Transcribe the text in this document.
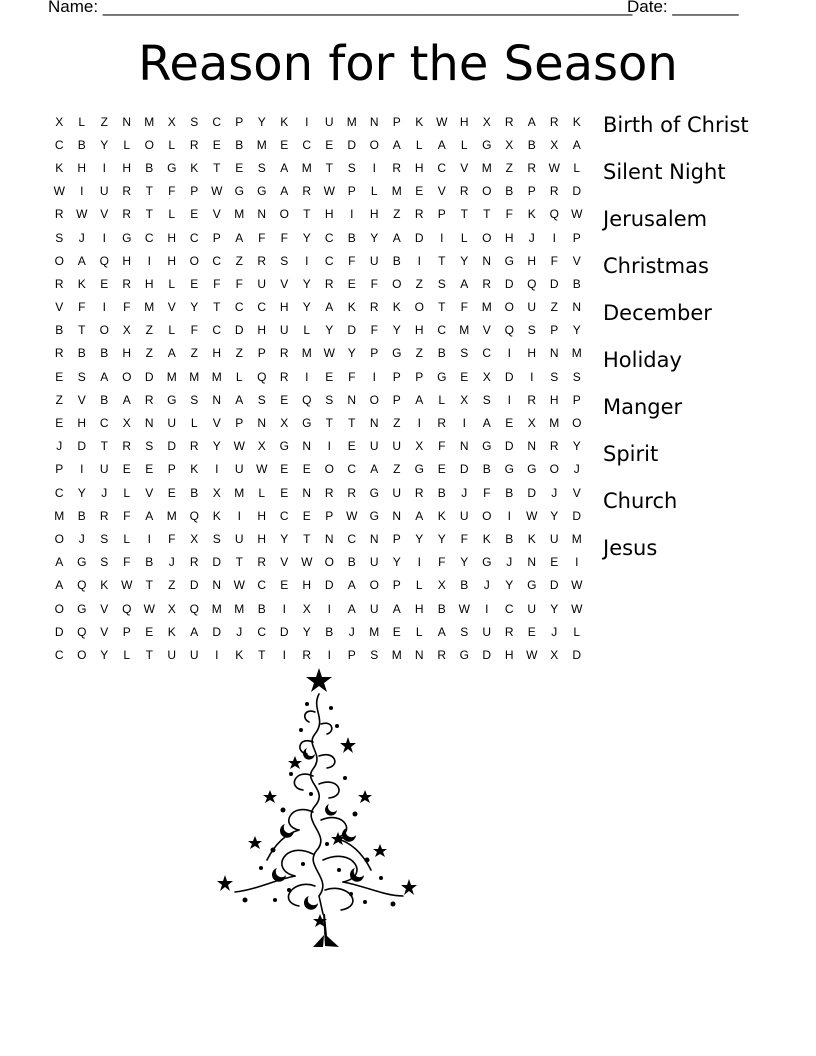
Name: ________________________________________________________
Date: _______
Reason for the Season
X	L	Z	N	M	X	S	C	P	Y	K	I	U	M	N	P	K	W	H	X	R	A	R	K
C	B	Y	L	O	L	R	E	B	M	E	C	E	D	O	A	L	A	L	G	X	B	X	A
K	H	I	H	B	G	K	T	E	S	A	M	T	S	I	R	H	C	V	M	Z	R	W	L
W	I	U	R	T	F	P	W	G	G	A	R	W	P	L	M	E	V	R	O	B	P	R	D
R	W	V	R	T	L	E	V	M	N	O	T	H	I	H	Z	R	P	T	T	F	K	Q	W
S	J	I	G	C	H	C	P	A	F	F	Y	C	B	Y	A	D	I	L	O	H	J	I	P
O	A	Q	H	I	H	O	C	Z	R	S	I	C	F	U	B	I	T	Y	N	G	H	F	V
R	K	E	R	H	L	E	F	F	U	V	Y	R	E	F	O	Z	S	A	R	D	Q	D	B
V	F	I	F	M	V	Y	T	C	C	H	Y	A	K	R	K	O	T	F	M	O	U	Z	N
B	T	O	X	Z	L	F	C	D	H	U	L	Y	D	F	Y	H	C	M	V	Q	S	P	Y
R	B	B	H	Z	A	Z	H	Z	P	R	M W	Y	P	G	Z	B	S	C	I	H	N	M
E	S	A	O	D	M	M	M	L	Q	R	I	E	F	I	P	P	G	E	X	D	I	S	S
Z	V	B	A	R	G	S	N	A	S	E	Q	S	N	O	P	A	L	X	S	I	R	H	P
E	H	C	X	N	U	L	V	P	N	X	G	T	T	N	Z	I	R	I	A	E	X	M	O
J	D	T	R	S	D	R	Y	W	X	G	N	I	E	U	U	X	F	N	G	D	N	R	Y
P	I	U	E	E	P	K	I	U	W	E	E	O	C	A	Z	G	E	D	B	G	G	O	J
C	Y	J	L	V	E	B	X	M	L	E	N	R	R	G	U	R	B	J	F	B	D	J	V
M	B	R	F	A	M	Q	K	I	H	C	E	P	W	G	N	A	K	U	O	I	W	Y	D
O	J	S	L	I	F	X	S	U	H	Y	T	N	C	N	P	Y	Y	F	K	B	K	U	M
A	G	S	F	B	J	R	D	T	R	V	W	O	B	U	Y	I	F	Y	G	J	N	E	I
A	Q	K	W	T	Z	D	N	W	C	E	H	D	A	O	P	L	X	B	J	Y	G	D	W
O	G	V	Q	W	X	Q	M	M	B	I	X	I	A	U	A	H	B	W	I	C	U	Y	W
D	Q	V	P	E	K	A	D	J	C	D	Y	B	J	M	E	L	A	S	U	R	E	J	L
C	O	Y	L	T	U	U	I	K	T	I	R	I	P	S	M	N	R	G	D	H	W	X	D
Birth of Christ
Silent Night
Jerusalem
Christmas
December
Holiday
Manger
Spirit
Church
Jesus
